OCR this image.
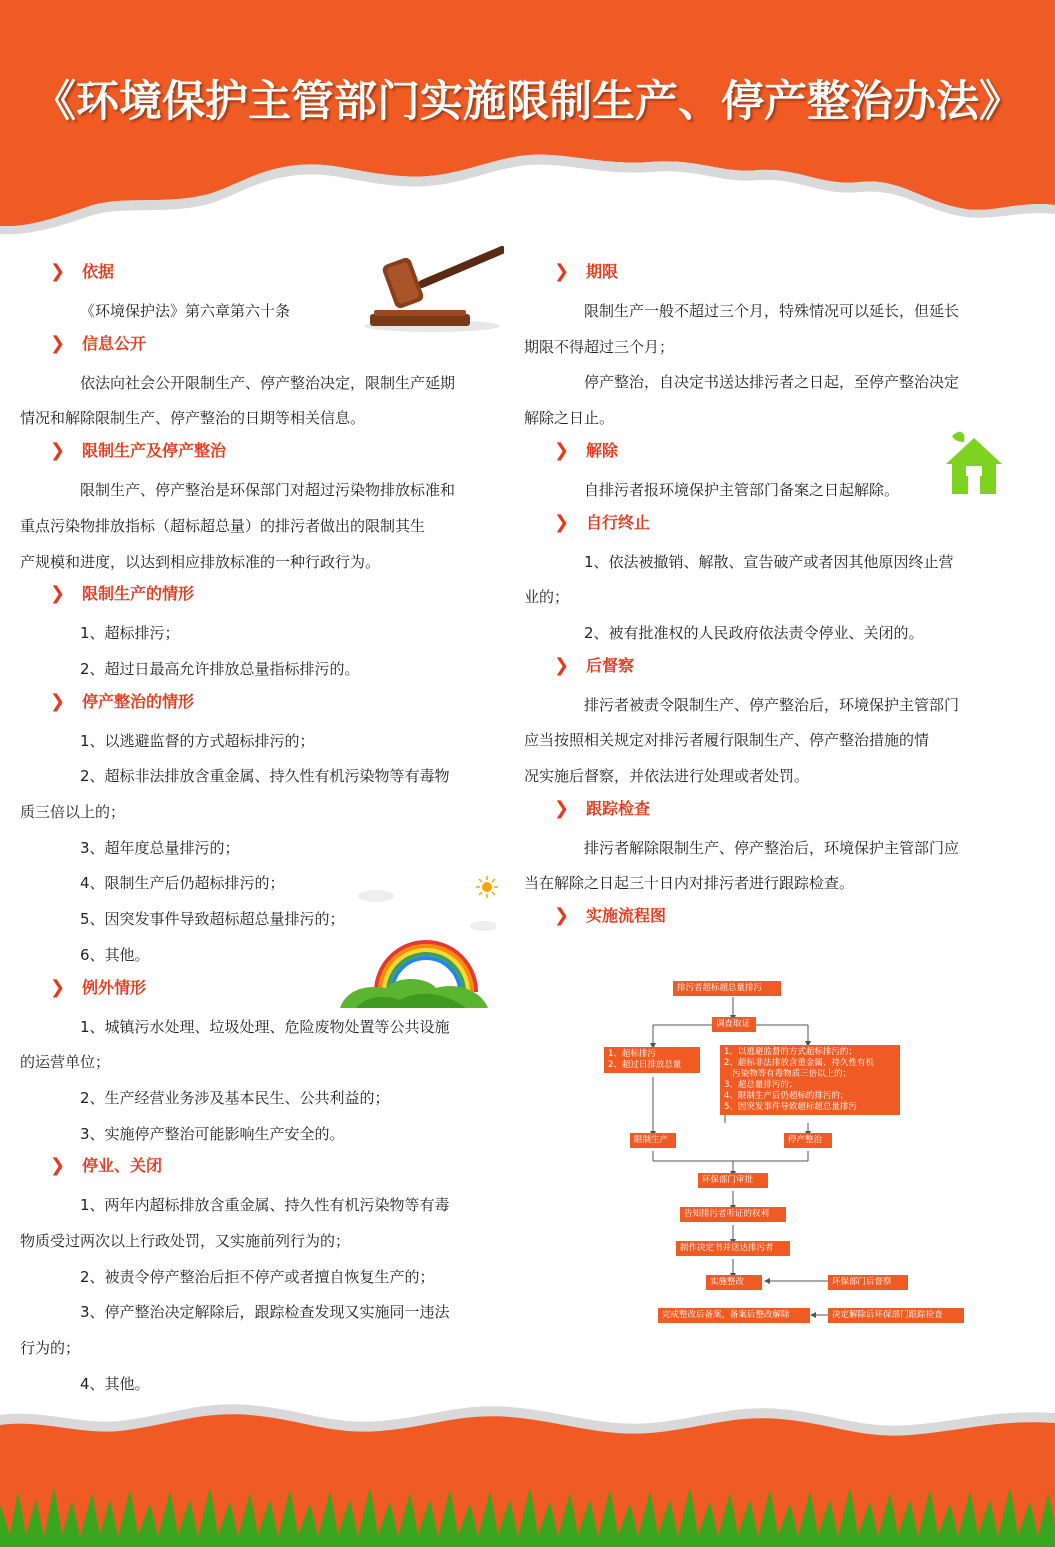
《环境保护主管部门实施限制生产、停产整治办法》
❯ 依据

《环境保护法》第六章第六十条

❯ 信息公开

依法向社会公开限制生产、停产整治决定，限制生产延期
情况和解除限制生产、停产整治的日期等相关信息。

❯ 限制生产及停产整治

限制生产、停产整治是环保部门对超过污染物排放标准和
重点污染物排放指标（超标超总量）的排污者做出的限制其生
产规模和进度，以达到相应排放标准的一种行政行为。

❯ 限制生产的情形

1、超标排污；

2、超过日最高允许排放总量指标排污的。

❯ 停产整治的情形

1、以逃避监督的方式超标排污的；

2、超标非法排放含重金属、持久性有机污染物等有毒物
质三倍以上的；

3、超年度总量排污的；

4、限制生产后仍超标排污的；

5、因突发事件导致超标超总量排污的；

6、其他。

❯ 例外情形

1、城镇污水处理、垃圾处理、危险废物处置等公共设施
的运营单位；

2、生产经营业务涉及基本民生、公共利益的；

3、实施停产整治可能影响生产安全的。

❯ 停业、关闭

1、两年内超标排放含重金属、持久性有机污染物等有毒
物质受过两次以上行政处罚，又实施前列行为的；

2、被责令停产整治后拒不停产或者擅自恢复生产的；

3、停产整治决定解除后，跟踪检查发现又实施同一违法
行为的；

4、其他。

❯ 期限

限制生产一般不超过三个月，特殊情况可以延长，但延长
期限不得超过三个月；

停产整治，自决定书送达排污者之日起，至停产整治决定
解除之日止。

❯ 解除

自排污者报环境保护主管部门备案之日起解除。

❯ 自行终止

1、依法被撤销、解散、宣告破产或者因其他原因终止营
业的；

2、被有批准权的人民政府依法责令停业、关闭的。

❯ 后督察

排污者被责令限制生产、停产整治后，环境保护主管部门
应当按照相关规定对排污者履行限制生产、停产整治措施的情
况实施后督察，并依法进行处理或者处罚。

❯ 跟踪检查

排污者解除限制生产、停产整治后，环境保护主管部门应
当在解除之日起三十日内对排污者进行跟踪检查。

❯ 实施流程图
排污者超标超总量排污
调查取证
1、超标排污
2、超过日排放总量
1、以逃避监督的方式超标排污的；
2、超标非法排放含重金属、持久性有机
污染物等有毒物质三倍以上的；
3、超总量排污的；
4、限制生产后仍超标的排污的；
5、因突发事件导致超标超总量排污
限制生产	停产整治
环保部门审批
告知排污者听证的权利
制作决定书并送达排污者
实施整改	环保部门后督察
完成整改后备案，备案后整改解除	决定解除后环保部门跟踪检查
